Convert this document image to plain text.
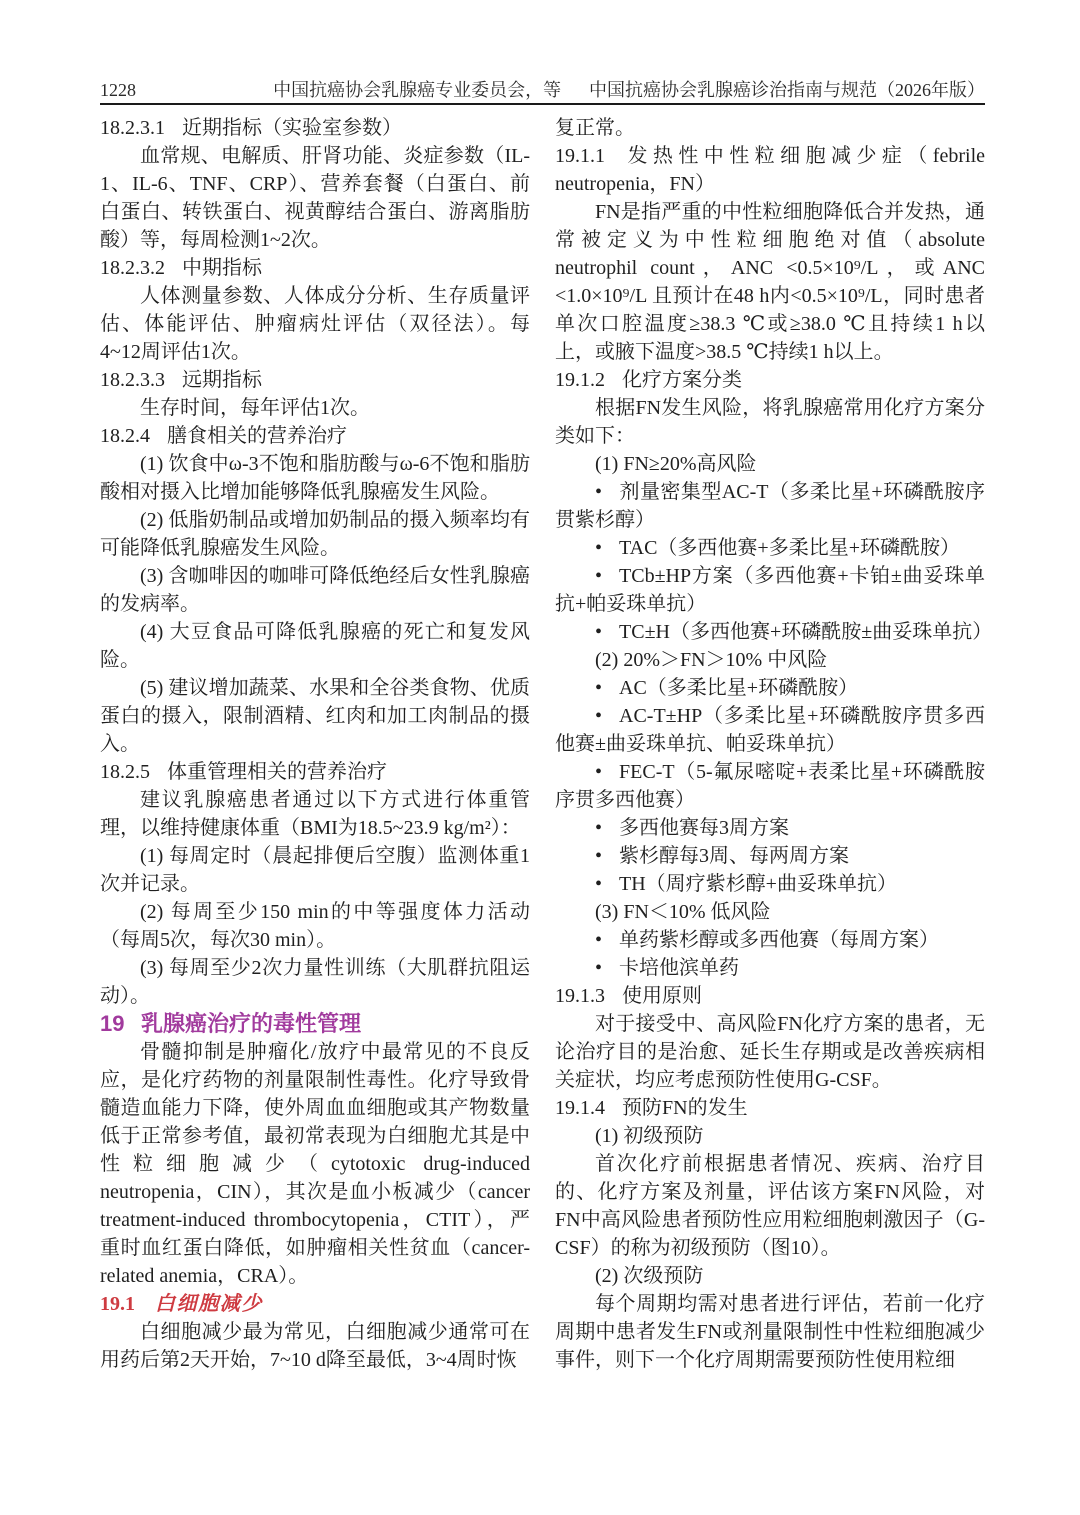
1228	中国抗癌协会乳腺癌专业委员会，等 中国抗癌协会乳腺癌诊治指南与规范（2026年版）
18.2.3.1 近期指标（实验室参数）

血常规、电解质、肝肾功能、炎症参数（IL-1、IL-6、TNF、CRP）、营养套餐（白蛋白、前白蛋白、转铁蛋白、视黄醇结合蛋白、游离脂肪酸）等，每周检测1~2次。

18.2.3.2 中期指标

人体测量参数、人体成分分析、生存质量评估、体能评估、肿瘤病灶评估（双径法）。每4~12周评估1次。

18.2.3.3 远期指标

生存时间，每年评估1次。

18.2.4 膳食相关的营养治疗

(1) 饮食中ω-3不饱和脂肪酸与ω-6不饱和脂肪酸相对摄入比增加能够降低乳腺癌发生风险。

(2) 低脂奶制品或增加奶制品的摄入频率均有可能降低乳腺癌发生风险。

(3) 含咖啡因的咖啡可降低绝经后女性乳腺癌的发病率。

(4) 大豆食品可降低乳腺癌的死亡和复发风险。

(5) 建议增加蔬菜、水果和全谷类食物、优质蛋白的摄入，限制酒精、红肉和加工肉制品的摄入。

18.2.5 体重管理相关的营养治疗

建议乳腺癌患者通过以下方式进行体重管理，以维持健康体重（BMI为18.5~23.9 kg/m²）：

(1) 每周定时（晨起排便后空腹）监测体重1次并记录。

(2) 每周至少150 min的中等强度体力活动（每周5次，每次30 min）。

(3) 每周至少2次力量性训练（大肌群抗阻运动）。

19 乳腺癌治疗的毒性管理

骨髓抑制是肿瘤化/放疗中最常见的不良反应，是化疗药物的剂量限制性毒性。化疗导致骨髓造血能力下降，使外周血血细胞或其产物数量低于正常参考值，最初常表现为白细胞尤其是中性粒细胞减少（cytotoxic drug-induced neutropenia，CIN），其次是血小板减少（cancer treatment-induced thrombocytopenia，CTIT），严重时血红蛋白降低，如肿瘤相关性贫血（cancer-related anemia，CRA）。

19.1 白细胞减少

白细胞减少最为常见，白细胞减少通常可在用药后第2天开始，7~10 d降至最低，3~4周时恢

复正常。

19.1.1 发热性中性粒细胞减少症（febrile neutropenia，FN）

FN是指严重的中性粒细胞降低合并发热，通常被定义为中性粒细胞绝对值（absolute neutrophil count，ANC <0.5×10⁹/L，或ANC <1.0×10⁹/L 且预计在48 h内<0.5×10⁹/L，同时患者单次口腔温度≥38.3 ℃或≥38.0 ℃且持续1 h以上，或腋下温度>38.5 ℃持续1 h以上。

19.1.2 化疗方案分类

根据FN发生风险，将乳腺癌常用化疗方案分类如下：

(1) FN≥20%高风险

• 剂量密集型AC-T（多柔比星+环磷酰胺序贯紫杉醇）

• TAC（多西他赛+多柔比星+环磷酰胺）

• TCb±HP方案（多西他赛+卡铂±曲妥珠单抗+帕妥珠单抗）

• TC±H（多西他赛+环磷酰胺±曲妥珠单抗）

(2) 20%＞FN＞10% 中风险

• AC（多柔比星+环磷酰胺）

• AC-T±HP（多柔比星+环磷酰胺序贯多西他赛±曲妥珠单抗、帕妥珠单抗）

• FEC-T（5-氟尿嘧啶+表柔比星+环磷酰胺序贯多西他赛）

• 多西他赛每3周方案

• 紫杉醇每3周、每两周方案

• TH（周疗紫杉醇+曲妥珠单抗）

(3) FN＜10% 低风险

• 单药紫杉醇或多西他赛（每周方案）

• 卡培他滨单药

19.1.3 使用原则

对于接受中、高风险FN化疗方案的患者，无论治疗目的是治愈、延长生存期或是改善疾病相关症状，均应考虑预防性使用G-CSF。

19.1.4 预防FN的发生

(1) 初级预防

首次化疗前根据患者情况、疾病、治疗目的、化疗方案及剂量，评估该方案FN风险，对FN中高风险患者预防性应用粒细胞刺激因子（G-CSF）的称为初级预防（图10）。

(2) 次级预防

每个周期均需对患者进行评估，若前一化疗周期中患者发生FN或剂量限制性中性粒细胞减少事件，则下一个化疗周期需要预防性使用粒细
